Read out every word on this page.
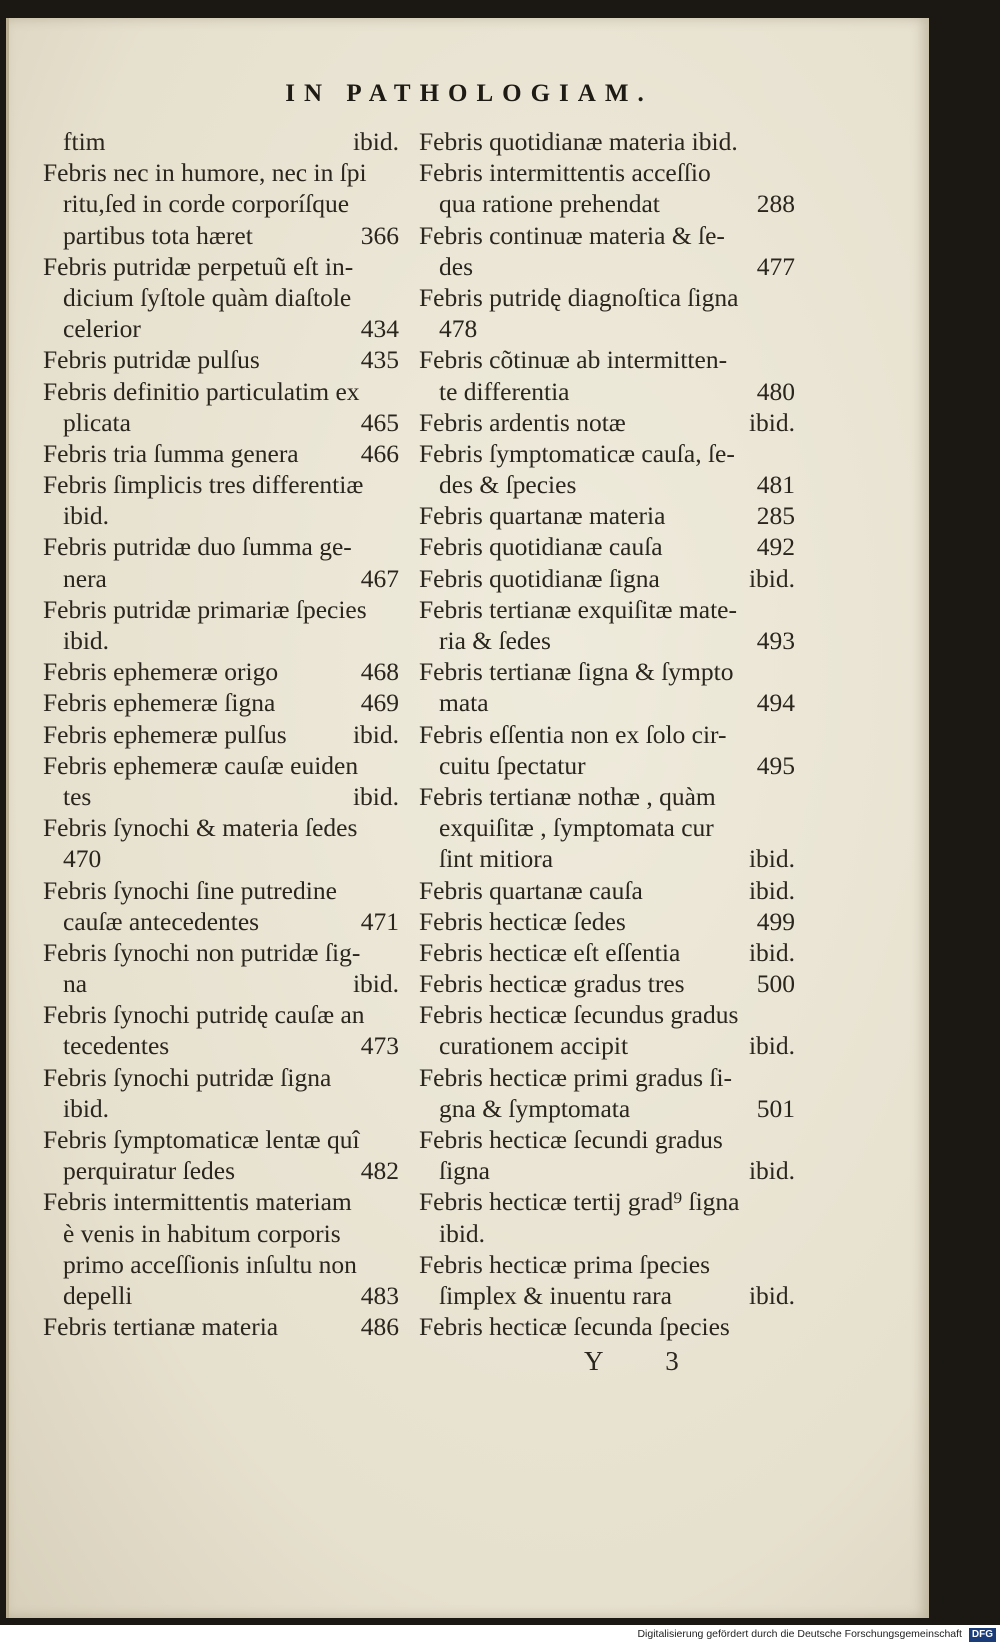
IN PATHOLOGIAM.
ftim	ibid.
Febris nec in humore, nec in ſpi
ritu,ſed in corde corporíſque
partibus tota hæret	366
Febris putridæ perpetuũ eſt in-
dicium ſyſtole quàm diaſtole
celerior	434
Febris putridæ pulſus	435
Febris definitio particulatim ex
plicata	465
Febris tria ſumma genera 466
Febris ſimplicis tres differentiæ
ibid.
Febris putridæ duo ſumma ge-
nera	467
Febris putridæ primariæ ſpecies
ibid.
Febris ephemeræ origo	468
Febris ephemeræ ſigna	469
Febris ephemeræ pulſus	ibid.
Febris ephemeræ cauſæ euiden
tes	ibid.
Febris ſynochi & materia ſedes
470
Febris ſynochi ſine putredine
cauſæ antecedentes	471
Febris ſynochi non putridæ ſig-
na	ibid.
Febris ſynochi putridę cauſæ an
tecedentes	473
Febris ſynochi putridæ ſigna
ibid.
Febris ſymptomaticæ lentæ quî
perquiratur ſedes	482
Febris intermittentis materiam
è venis in habitum corporis
primo acceſſionis inſultu non
depelli	483
Febris tertianæ materia	486
Febris quotidianæ materia ibid.
Febris intermittentis acceſſio
qua ratione prehendat	288
Febris continuæ materia & ſe-
des	477
Febris putridę diagnoſtica ſigna
478
Febris cõtinuæ ab intermitten-
te differentia	480
Febris ardentis notæ	ibid.
Febris ſymptomaticæ cauſa, ſe-
des & ſpecies	481
Febris quartanæ materia	285
Febris quotidianæ cauſa	492
Febris quotidianæ ſigna	ibid.
Febris tertianæ exquiſitæ mate-
ria & ſedes	493
Febris tertianæ ſigna & ſympto
mata	494
Febris eſſentia non ex ſolo cir-
cuitu ſpectatur	495
Febris tertianæ nothæ , quàm
exquiſitæ , ſymptomata cur
ſint mitiora	ibid.
Febris quartanæ cauſa	ibid.
Febris hecticæ ſedes	499
Febris hecticæ eſt eſſentia	ibid.
Febris hecticæ gradus tres	500
Febris hecticæ ſecundus gradus
curationem accipit	ibid.
Febris hecticæ primi gradus ſi-
gna & ſymptomata	501
Febris hecticæ ſecundi gradus
ſigna	ibid.
Febris hecticæ tertij grad⁹ ſigna
ibid.
Febris hecticæ prima ſpecies
ſimplex & inuentu rara	ibid.
Febris hecticæ ſecunda ſpecies
Y 3
Digitalisierung gefördert durch die Deutsche Forschungsgemeinschaft DFG
